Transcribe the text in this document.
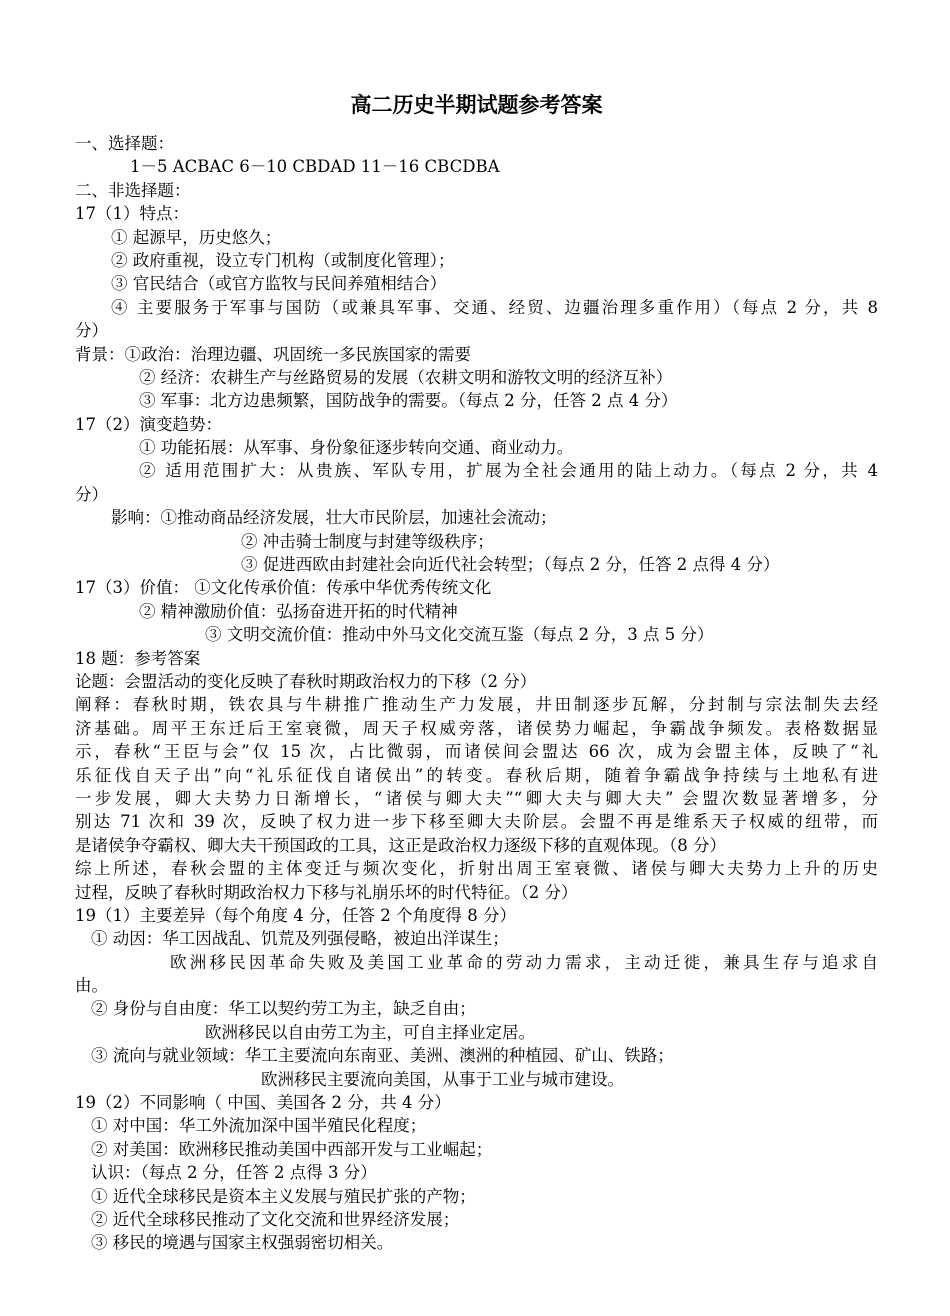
高二历史半期试题参考答案
一、选择题：
1－5 ACBAC 6－10 CBDAD 11－16 CBCDBA
二、非选择题：
17（1）特点：
① 起源早，历史悠久；
② 政府重视，设立专门机构（或制度化管理）；
③ 官民结合（或官方监牧与民间养殖相结合）
④ 主要服务于军事与国防（或兼具军事、交通、经贸、边疆治理多重作用）（每点 2 分，共 8
分）
背景：①政治：治理边疆、巩固统一多民族国家的需要
② 经济：农耕生产与丝路贸易的发展（农耕文明和游牧文明的经济互补）
③ 军事：北方边患频繁，国防战争的需要。（每点 2 分，任答 2 点 4 分）
17（2）演变趋势：
① 功能拓展：从军事、身份象征逐步转向交通、商业动力。
② 适用范围扩大：从贵族、军队专用，扩展为全社会通用的陆上动力。（每点 2 分，共 4
分）
影响：①推动商品经济发展，壮大市民阶层，加速社会流动；
② 冲击骑士制度与封建等级秩序；
③ 促进西欧由封建社会向近代社会转型；（每点 2 分，任答 2 点得 4 分）
17（3）价值： ①文化传承价值：传承中华优秀传统文化
② 精神激励价值：弘扬奋进开拓的时代精神
③ 文明交流价值：推动中外马文化交流互鉴（每点 2 分，3 点 5 分）
18 题：参考答案
论题：会盟活动的变化反映了春秋时期政治权力的下移（2 分）
阐释：春秋时期，铁农具与牛耕推广推动生产力发展，井田制逐步瓦解，分封制与宗法制失去经
济基础。周平王东迁后王室衰微，周天子权威旁落，诸侯势力崛起，争霸战争频发。表格数据显
示，春秋“王臣与会”仅 15 次，占比微弱，而诸侯间会盟达 66 次，成为会盟主体，反映了“礼
乐征伐自天子出”向“礼乐征伐自诸侯出”的转变。春秋后期，随着争霸战争持续与土地私有进
一步发展，卿大夫势力日渐增长，“诸侯与卿大夫”“卿大夫与卿大夫” 会盟次数显著增多，分
别达 71 次和 39 次，反映了权力进一步下移至卿大夫阶层。会盟不再是维系天子权威的纽带，而
是诸侯争夺霸权、卿大夫干预国政的工具，这正是政治权力逐级下移的直观体现。（8 分）
综上所述，春秋会盟的主体变迁与频次变化，折射出周王室衰微、诸侯与卿大夫势力上升的历史
过程，反映了春秋时期政治权力下移与礼崩乐坏的时代特征。（2 分）
19（1）主要差异（每个角度 4 分，任答 2 个角度得 8 分）
① 动因：华工因战乱、饥荒及列强侵略，被迫出洋谋生；
欧洲移民因革命失败及美国工业革命的劳动力需求，主动迁徙，兼具生存与追求自
由。
② 身份与自由度：华工以契约劳工为主，缺乏自由；
欧洲移民以自由劳工为主，可自主择业定居。
③ 流向与就业领域：华工主要流向东南亚、美洲、澳洲的种植园、矿山、铁路；
欧洲移民主要流向美国，从事于工业与城市建设。
19（2）不同影响（ 中国、美国各 2 分，共 4 分）
① 对中国：华工外流加深中国半殖民化程度；
② 对美国：欧洲移民推动美国中西部开发与工业崛起；
认识：（每点 2 分，任答 2 点得 3 分）
① 近代全球移民是资本主义发展与殖民扩张的产物；
② 近代全球移民推动了文化交流和世界经济发展；
③ 移民的境遇与国家主权强弱密切相关。
